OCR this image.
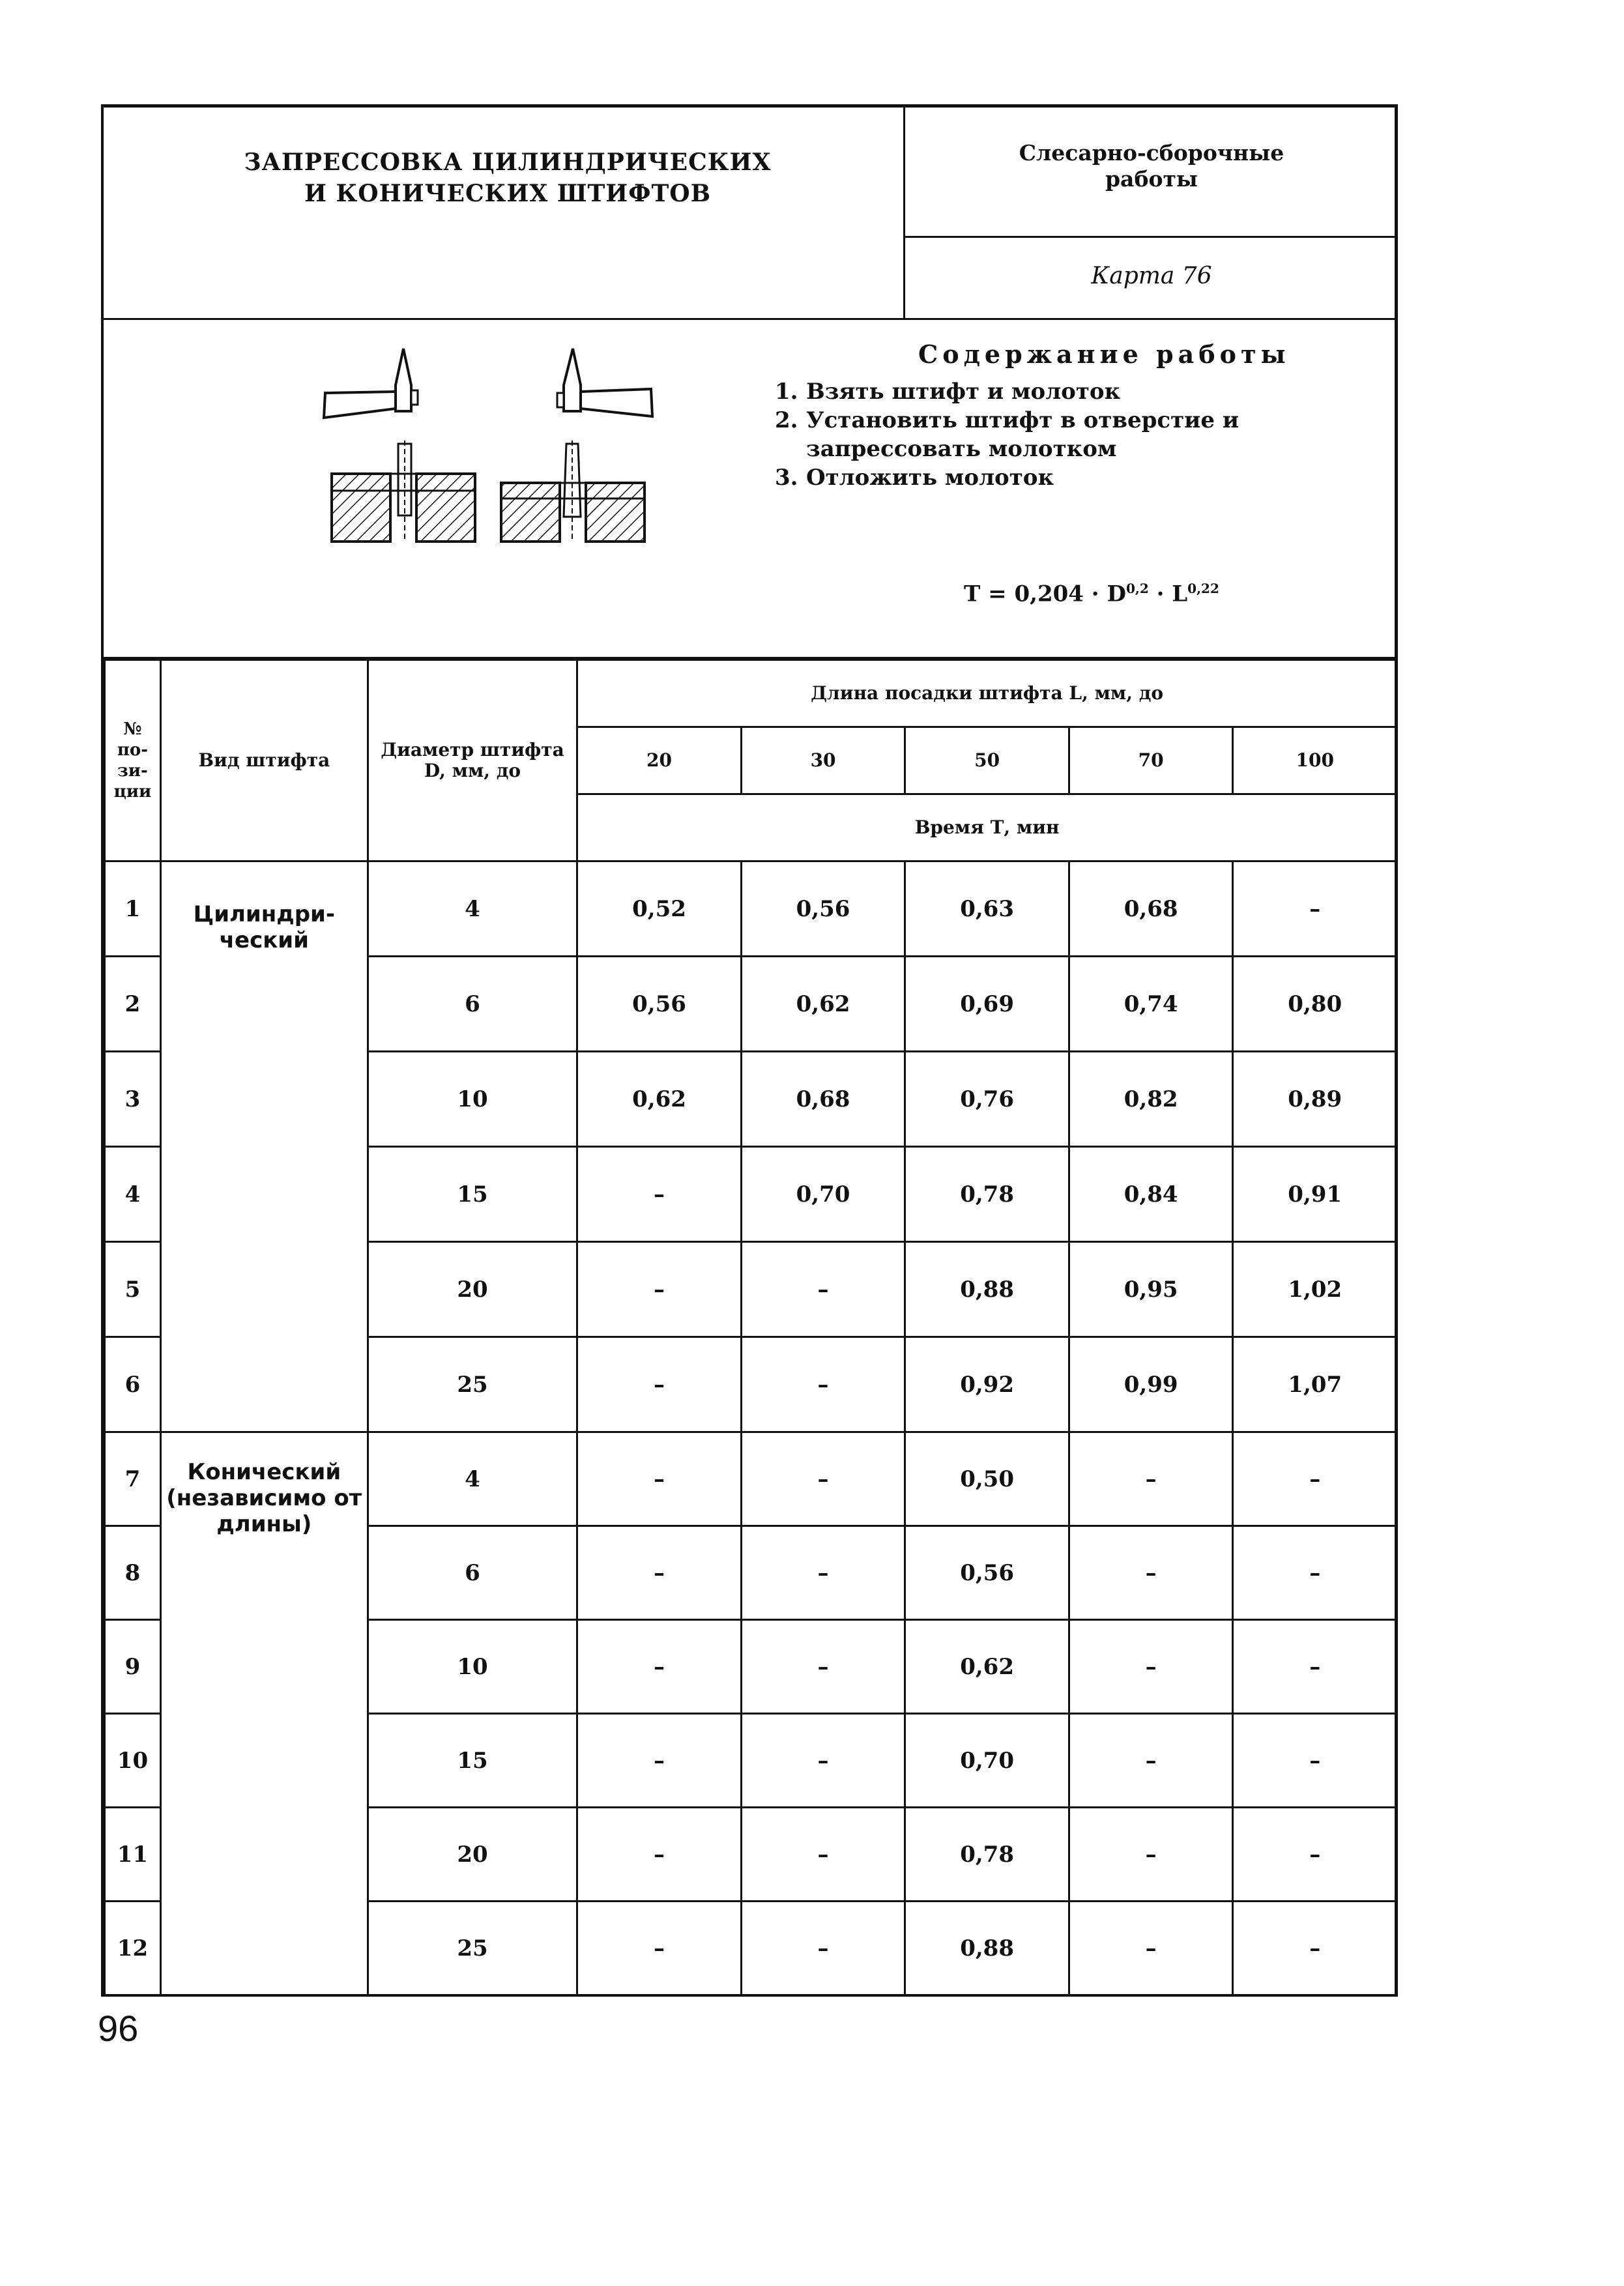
ЗАПРЕССОВКА ЦИЛИНДРИЧЕСКИХ
И КОНИЧЕСКИХ ШТИФТОВ
Слесарно-сборочные
работы
Карта 76
Содержание работы
1. Взять штифт и молоток
2. Установить штифт в отверстие и запрессовать молотком
3. Отложить молоток
Т = 0,204 · D$^{0,2}$ · L$^{0,22}$
№ по-зи-ции	Вид штифта	Диаметр штифта D, мм, до	Длина посадки штифта L, мм, до				
			20	30	50	70	100
			Время Т, мин				
1	Цилиндри-ческий	4	0,52	0,56	0,63	0,68	–
2		6	0,56	0,62	0,69	0,74	0,80
3		10	0,62	0,68	0,76	0,82	0,89
4		15	–	0,70	0,78	0,84	0,91
5		20	–	–	0,88	0,95	1,02
6		25	–	–	0,92	0,99	1,07
7	Конический (независимо от длины)	4	–	–	0,50	–	–
8		6	–	–	0,56	–	–
9		10	–	–	0,62	–	–
10		15	–	–	0,70	–	–
11		20	–	–	0,78	–	–
12		25	–	–	0,88	–	–
96
